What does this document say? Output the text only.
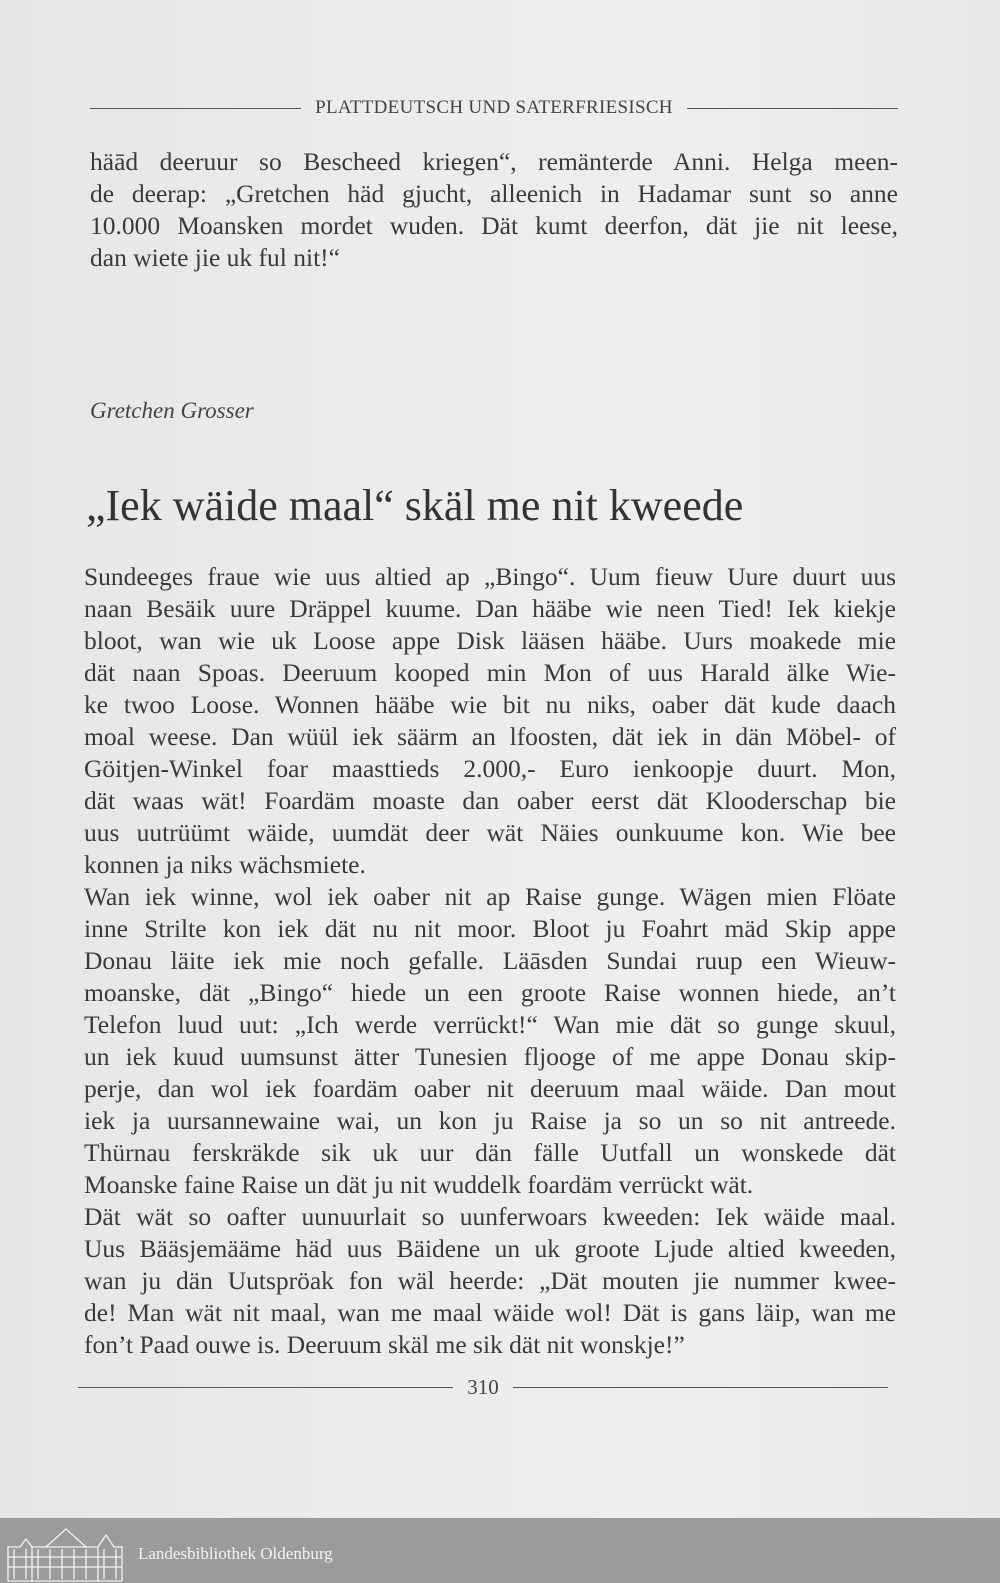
PLATTDEUTSCH UND SATERFRIESISCH
häād deeruur so Bescheed kriegen“, remänterde Anni. Helga meen-
de deerap: „Gretchen häd gjucht, alleenich in Hadamar sunt so anne
10.000 Moansken mordet wuden. Dät kumt deerfon, dät jie nit leese,
dan wiete jie uk ful nit!“
Gretchen Grosser
„Iek wäide maal“ skäl me nit kweede
Sundeeges fraue wie uus altied ap „Bingo“. Uum fieuw Uure duurt uus
naan Besäik uure Dräppel kuume. Dan hääbe wie neen Tied! Iek kiekje
bloot, wan wie uk Loose appe Disk lääsen hääbe. Uurs moakede mie
dät naan Spoas. Deeruum kooped min Mon of uus Harald älke Wie-
ke twoo Loose. Wonnen hääbe wie bit nu niks, oaber dät kude daach
moal weese. Dan wüül iek säärm an lfoosten, dät iek in dän Möbel- of
Göitjen-Winkel foar maasttieds 2.000,- Euro ienkoopje duurt. Mon,
dät waas wät! Foardäm moaste dan oaber eerst dät Klooderschap bie
uus uutrüümt wäide, uumdät deer wät Näies ounkuume kon. Wie bee
konnen ja niks wächsmiete.
Wan iek winne, wol iek oaber nit ap Raise gunge. Wägen mien Flöate
inne Strilte kon iek dät nu nit moor. Bloot ju Foahrt mäd Skip appe
Donau läite iek mie noch gefalle. Läāsden Sundai ruup een Wieuw-
moanske, dät „Bingo“ hiede un een groote Raise wonnen hiede, an’t
Telefon luud uut: „Ich werde verrückt!“ Wan mie dät so gunge skuul,
un iek kuud uumsunst ätter Tunesien fljooge of me appe Donau skip-
perje, dan wol iek foardäm oaber nit deeruum maal wäide. Dan mout
iek ja uursannewaine wai, un kon ju Raise ja so un so nit antreede.
Thürnau ferskräkde sik uk uur dän fälle Uutfall un wonskede dät
Moanske faine Raise un dät ju nit wuddelk foardäm verrückt wät.
Dät wät so oafter uunuurlait so uunferwoars kweeden: Iek wäide maal.
Uus Bääsjemääme häd uus Bäidene un uk groote Ljude altied kweeden,
wan ju dän Uutspröak fon wäl heerde: „Dät mouten jie nummer kwee-
de! Man wät nit maal, wan me maal wäide wol! Dät is gans läip, wan me
fon’t Paad ouwe is. Deeruum skäl me sik dät nit wonskje!”
310
Landesbibliothek Oldenburg
